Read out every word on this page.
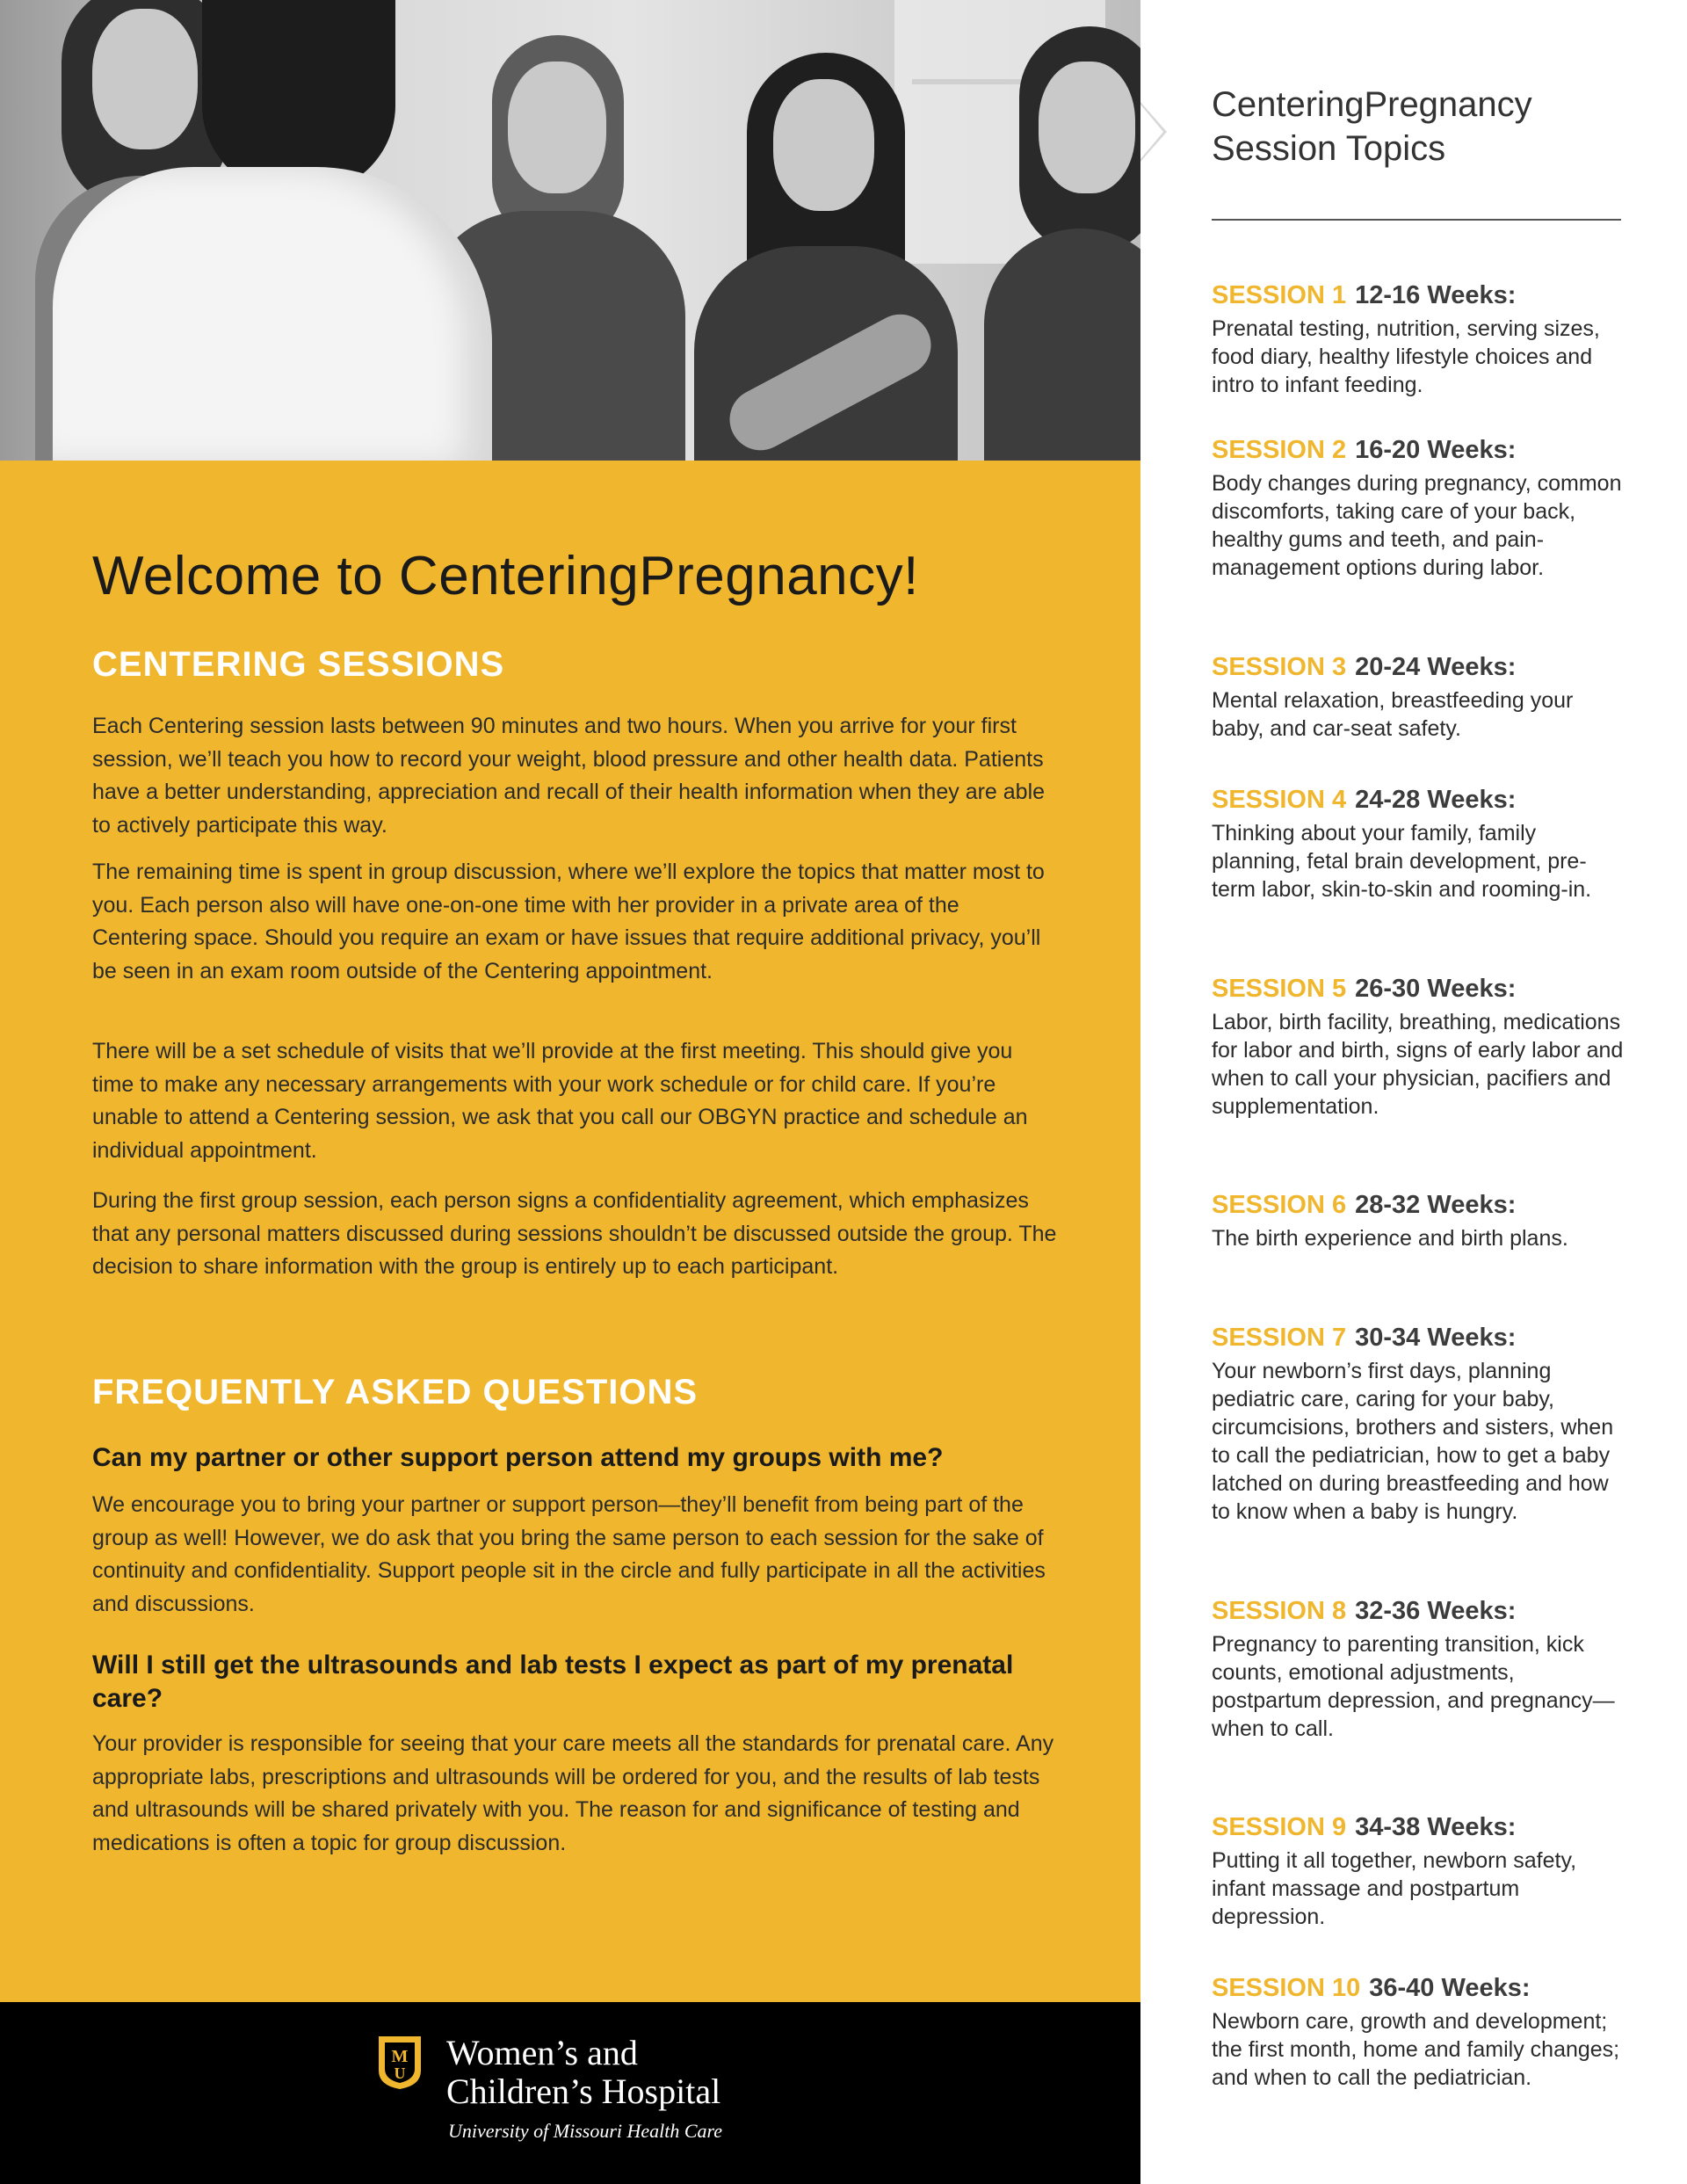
Welcome to CenteringPregnancy!
CENTERING SESSIONS

Each Centering session lasts between 90 minutes and two hours. When you arrive for your first session, we’ll teach you how to record your weight, blood pressure and other health data. Patients have a better understanding, appreciation and recall of their health information when they are able to actively participate this way.

The remaining time is spent in group discussion, where we’ll explore the topics that matter most to you. Each person also will have one-on-one time with her provider in a private area of the Centering space. Should you require an exam or have issues that require additional privacy, you’ll be seen in an exam room outside of the Centering appointment.

There will be a set schedule of visits that we’ll provide at the first meeting. This should give you time to make any necessary arrangements with your work schedule or for child care. If you’re unable to attend a Centering session, we ask that you call our OBGYN practice and schedule an individual appointment.

During the first group session, each person signs a confidentiality agreement, which emphasizes that any personal matters discussed during sessions shouldn’t be discussed outside the group. The decision to share information with the group is entirely up to each participant.

FREQUENTLY ASKED QUESTIONS
Can my partner or other support person attend my groups with me?

We encourage you to bring your partner or support person—they’ll benefit from being part of the group as well! However, we do ask that you bring the same person to each session for the sake of continuity and confidentiality. Support people sit in the circle and fully participate in all the activities and discussions.

Will I still get the ultrasounds and lab tests I expect as part of my prenatal care?

Your provider is responsible for seeing that your care meets all the standards for prenatal care. Any appropriate labs, prescriptions and ultrasounds will be ordered for you, and the results of lab tests and ultrasounds will be shared privately with you. The reason for and significance of testing and medications is often a topic for group discussion.

M
U
Women’s and
Children’s Hospital
University of Missouri Health Care
CenteringPregnancy
Session Topics
SESSION 1 12-16 Weeks:
Prenatal testing, nutrition, serving sizes, food diary, healthy lifestyle choices and intro to infant feeding.
SESSION 2 16-20 Weeks:
Body changes during pregnancy, common discomforts, taking care of your back, healthy gums and teeth, and pain-management options during labor.
SESSION 3 20-24 Weeks:
Mental relaxation, breastfeeding your baby, and car-seat safety.
SESSION 4 24-28 Weeks:
Thinking about your family, family planning, fetal brain development, pre-term labor, skin-to-skin and rooming-in.
SESSION 5 26-30 Weeks:
Labor, birth facility, breathing, medications for labor and birth, signs of early labor and when to call your physician, pacifiers and supplementation.
SESSION 6 28-32 Weeks:
The birth experience and birth plans.
SESSION 7 30-34 Weeks:
Your newborn’s first days, planning pediatric care, caring for your baby, circumcisions, brothers and sisters, when to call the pediatrician, how to get a baby latched on during breastfeeding and how to know when a baby is hungry.
SESSION 8 32-36 Weeks:
Pregnancy to parenting transition, kick counts, emotional adjustments, postpartum depression, and pregnancy—when to call.
SESSION 9 34-38 Weeks:
Putting it all together, newborn safety, infant massage and postpartum depression.
SESSION 10 36-40 Weeks:
Newborn care, growth and development; the first month, home and family changes; and when to call the pediatrician.
